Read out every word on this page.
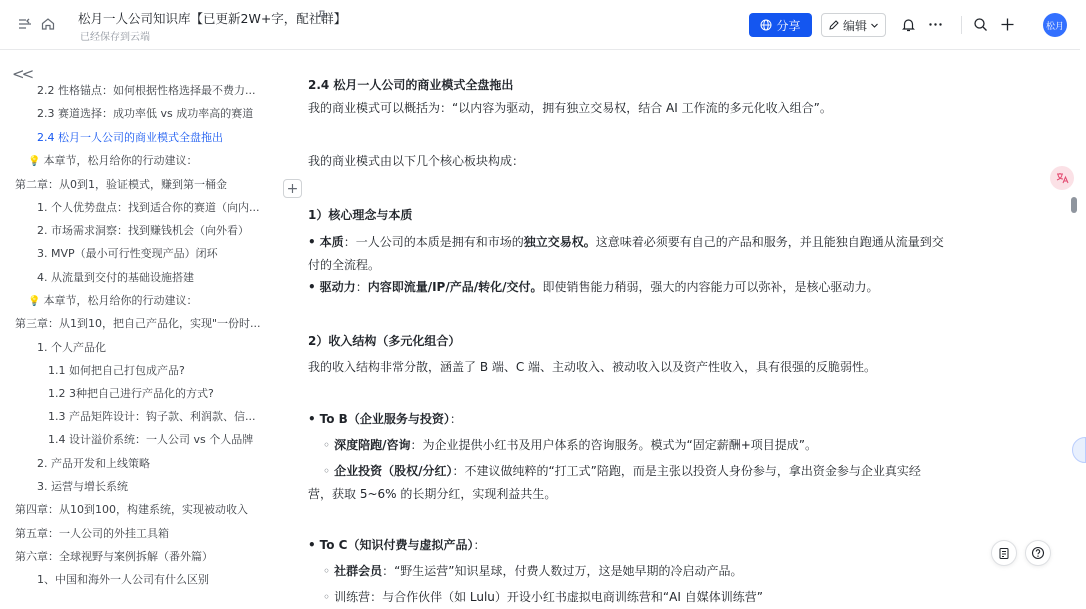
松月一人公司知识库【已更新2W+字，配社群】
已经保存到云端
分享	编辑	松月
<<
2.2 性格锚点：如何根据性格选择最不费力...
2.3 赛道选择：成功率低 vs 成功率高的赛道
2.4 松月一人公司的商业模式全盘拖出
💡 本章节，松月给你的行动建议：
第二章：从0到1，验证模式，赚到第一桶金
1. 个人优势盘点：找到适合你的赛道（向内...
2. 市场需求洞察：找到赚钱机会（向外看）
3. MVP（最小可行性变现产品）闭环
4. 从流量到交付的基础设施搭建
💡 本章节，松月给你的行动建议：
第三章：从1到10，把自己产品化，实现"一份时...
1. 个人产品化
1.1 如何把自己打包成产品?
1.2 3种把自己进行产品化的方式?
1.3 产品矩阵设计：钩子款、利润款、信...
1.4 设计溢价系统：一人公司 vs 个人品牌
2. 产品开发和上线策略
3. 运营与增长系统
第四章：从10到100，构建系统，实现被动收入
第五章：一人公司的外挂工具箱
第六章：全球视野与案例拆解（番外篇）
1、中国和海外一人公司有什么区别
2.4 松月一人公司的商业模式全盘拖出
我的商业模式可以概括为：“以内容为驱动，拥有独立交易权，结合 AI 工作流的多元化收入组合”。
我的商业模式由以下几个核心板块构成：
+
1）核心理念与本质
• 本质：一人公司的本质是拥有和市场的独立交易权。这意味着必须要有自己的产品和服务，并且能独自跑通从流量到交付的全流程。
• 驱动力：内容即流量/IP/产品/转化/交付。即使销售能力稍弱，强大的内容能力可以弥补，是核心驱动力。
2）收入结构（多元化组合）
我的收入结构非常分散，涵盖了 B 端、C 端、主动收入、被动收入以及资产性收入，具有很强的反脆弱性。
• To B（企业服务与投资）：
◦ 深度陪跑/咨询：为企业提供小红书及用户体系的咨询服务。模式为“固定薪酬+项目提成”。
◦ 企业投资（股权/分红）：不建议做纯粹的“打工式”陪跑，而是主张以投资人身份参与，拿出资金参与企业真实经营，获取 5~6% 的长期分红，实现利益共生。
• To C（知识付费与虚拟产品）：
◦ 社群会员：“野生运营”知识星球，付费人数过万，这是她早期的冷启动产品。
◦ 训练营：与合作伙伴（如 Lulu）开设小红书虚拟电商训练营和“AI 自媒体训练营”
